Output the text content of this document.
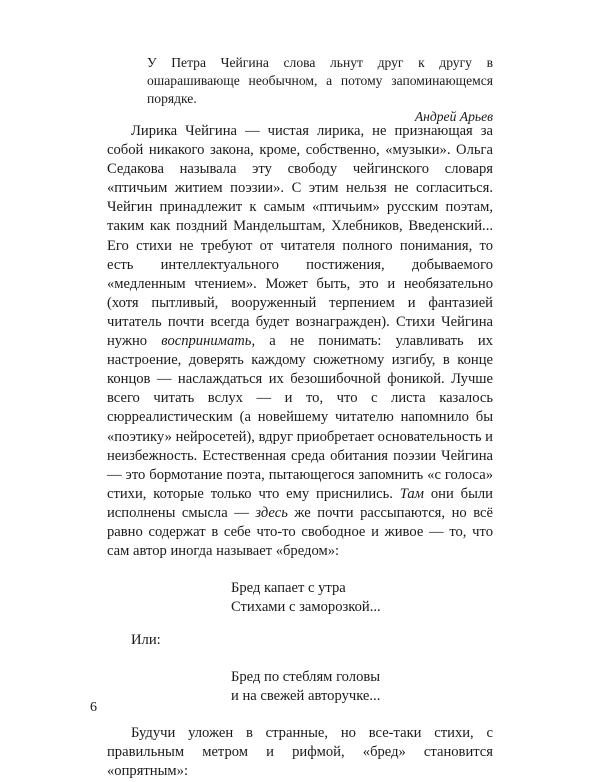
У Петра Чейгина слова льнут друг к другу в ошарашивающе необычном, а потому запоминающемся порядке.
Андрей Арьев

Лирика Чейгина — чистая лирика, не признающая за собой никакого закона, кроме, собственно, «музыки». Ольга Седакова называла эту свободу чейгинского словаря «птичьим житием поэзии». С этим нельзя не согласиться. Чейгин принадлежит к самым «птичьим» русским поэтам, таким как поздний Мандельштам, Хлебников, Введенский... Его стихи не требуют от читателя полного понимания, то есть интеллектуального постижения, добываемого «медленным чтением». Может быть, это и необязательно (хотя пытливый, вооруженный терпением и фантазией читатель почти всегда будет вознагражден). Стихи Чейгина нужно воспринимать, а не понимать: улавливать их настроение, доверять каждому сюжетному изгибу, в конце концов — наслаждаться их безошибочной фоникой. Лучше всего читать вслух — и то, что с листа казалось сюрреалистическим (а новейшему читателю напомнило бы «поэтику» нейросетей), вдруг приобретает основательность и неизбежность. Естественная среда обитания поэзии Чейгина — это бормотание поэта, пытающегося запомнить «с голоса» стихи, которые только что ему приснились. Там они были исполнены смысла — здесь же почти рассыпаются, но всё равно содержат в себе что-то свободное и живое — то, что сам автор иногда называет «бредом»:

Бред капает с утра
Стихами с заморозкой...
Или:
Бред по стеблям головы
и на свежей авторучке...

Будучи уложен в странные, но все-таки стихи, с правильным метром и рифмой, «бред» становится «опрятным»:

6
